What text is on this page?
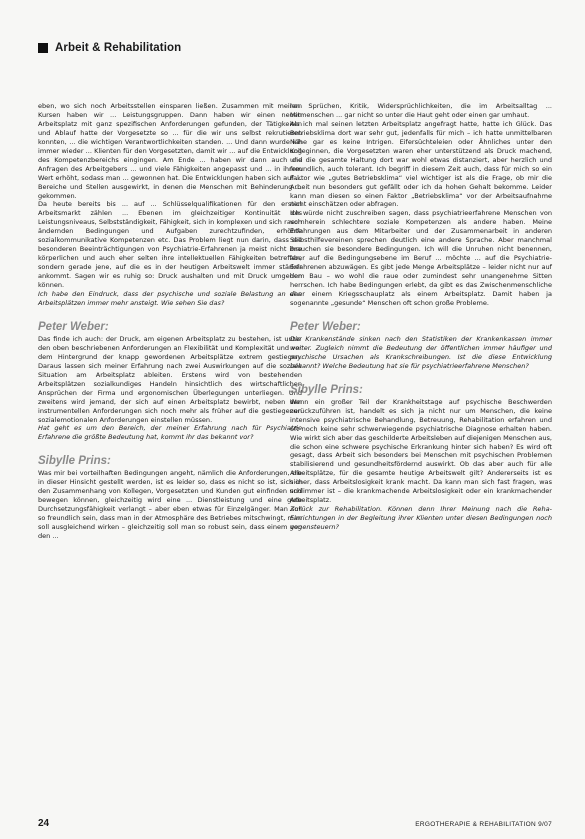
Arbeit & Rehabilitation

eben, wo sich noch Arbeitsstellen einsparen ließen. Zusammen mit meinen Kursen haben wir ... Leistungsgruppen. Dann haben wir einen neuen Arbeitsplatz mit ganz spezifischen Anforderungen gefunden, der Tätigkeiten und Ablauf hatte der Vorgesetzte so ... für die wir uns selbst rekrutieren konnten, ... die wichtigen Verantwortlichkeiten standen. ... Und dann wurde ich immer wieder ... Klienten für den Vorgesetzten, damit wir ... auf die Entwicklung des Kompetenzbereichs eingingen. Am Ende ... haben wir dann auch die Anfragen des Arbeitgebers ... und viele Fähigkeiten angepasst und ... in ihrem Wert erhöht, sodass man ... gewonnen hat. Die Entwicklungen haben sich auf ... Bereiche und Stellen ausgewirkt, in denen die Menschen mit Behinderung ... gekommen.

Da heute bereits bis ... auf ... Schlüsselqualifikationen für den ersten Arbeitsmarkt zählen ... Ebenen im gleichzeitiger Kontinuität des Leistungsniveaus, Selbstständigkeit, Fähigkeit, sich in komplexen und sich rasch ändernden Bedingungen und Aufgaben zurechtzufinden, erhöhte sozialkommunikative Kompetenzen etc. Das Problem liegt nun darin, dass die besonderen Beeinträchtigungen von Psychiatrie-Erfahrenen ja meist nicht ihre körperlichen und auch eher selten ihre intellektuellen Fähigkeiten betreffen, sondern gerade jene, auf die es in der heutigen Arbeitswelt immer stärker ankommt. Sagen wir es ruhig so: Druck aushalten und mit Druck umgehen können.

Ich habe den Eindruck, dass der psychische und soziale Belastung an den Arbeitsplätzen immer mehr ansteigt. Wie sehen Sie das?

Peter Weber:

Das finde ich auch: der Druck, am eigenen Arbeitsplatz zu bestehen, ist unter den oben beschriebenen Anforderungen an Flexibilität und Komplexität und vor dem Hintergrund der knapp gewordenen Arbeitsplätze extrem gestiegen. Daraus lassen sich meiner Erfahrung nach zwei Auswirkungen auf die soziale Situation am Arbeitsplatz ableiten. Erstens wird von bestehenden Arbeitsplätzen sozialkundiges Handeln hinsichtlich des wirtschaftlichen Ansprüchen der Firma und ergonomischen Überlegungen unterliegen. Und zweitens wird jemand, der sich auf einen Arbeitsplatz bewirbt, neben den instrumentellen Anforderungen sich noch mehr als früher auf die gestiegenen sozialemotionalen Anforderungen einstellen müssen.

Hat geht es um den Bereich, der meiner Erfahrung nach für Psychiatrie Erfahrene die größte Bedeutung hat, kommt ihr das bekannt vor?

Sibylle Prins:

Was mir bei vorteilhaften Bedingungen angeht, nämlich die Anforderungen, die in dieser Hinsicht gestellt werden, ist es leider so, dass es nicht so ist, sich in den Zusammenhang von Kollegen, Vorgesetzten und Kunden gut einfinden und bewegen können, gleichzeitig wird eine ... Dienstleistung und eine gute Durchsetzungsfähigkeit verlangt – aber eben etwas für Einzelgänger. Man soll so freundlich sein, dass man in der Atmosphäre des Betriebes mitschwingt, man soll ausgleichend wirken – gleichzeitig soll man so robust sein, dass einem von den ...

len Sprüchen, Kritik, Widersprüchlichkeiten, die im Arbeitsalltag ... Mitmenschen ... gar nicht so unter die Haut geht oder einen gar umhaut.

Als ich mal seinen letzten Arbeitsplatz angefragt hatte, hatte ich Glück. Das Betriebsklima dort war sehr gut, jedenfalls für mich – ich hatte unmittelbaren Nähe gar es keine Intrigen. Eifersüchteleien oder Ähnliches unter den Kolleginnen, die Vorgesetzten waren eher unterstützend als Druck machend, und die gesamte Haltung dort war wohl etwas distanziert, aber herzlich und freundlich, auch tolerant. Ich begriff in diesem Zeit auch, dass für mich so ein Faktor wie „gutes Betriebsklima“ viel wichtiger ist als die Frage, ob mir die Arbeit nun besonders gut gefällt oder ich da hohen Gehalt bekomme. Leider kann man diesen so einen Faktor „Betriebsklima“ vor der Arbeitsaufnahme nicht einschätzen oder abfragen.

Ich würde nicht zuschreiben sagen, dass psychiatrieerfahrene Menschen von vornherein schlechtere soziale Kompetenzen als andere haben. Meine Erfahrungen aus dem Mitarbeiter und der Zusammenarbeit in anderen Selbsthilfevereinen sprechen deutlich eine andere Sprache. Aber manchmal brauchen sie besondere Bedingungen. Ich will die Unruhen nicht benennen, aber auf die Bedingungsebene im Beruf ... möchte ... auf die Psychiatrie-Erfahrenen abzuwägen. Es gibt jede Menge Arbeitsplätze – leider nicht nur auf dem Bau – wo wohl die raue oder zumindest sehr unangenehme Sitten herrschen. Ich habe Bedingungen erlebt, da gibt es das Zwischenmenschliche eher einem Kriegsschauplatz als einem Arbeitsplatz. Damit haben ja sogenannte „gesunde“ Menschen oft schon große Probleme.

Peter Weber:

Die Krankenstände sinken nach den Statistiken der Krankenkassen immer weiter. Zugleich nimmt die Bedeutung der öffentlichen immer häufiger und psychische Ursachen als Krankschreibungen. Ist die diese Entwicklung bekannt? Welche Bedeutung hat sie für psychiatrieerfahrene Menschen?

Sibylle Prins:

Wenn ein großer Teil der Krankheitstage auf psychische Beschwerden zurückzuführen ist, handelt es sich ja nicht nur um Menschen, die keine intensive psychiatrische Behandlung, Betreuung, Rehabilitation erfahren und oft noch keine sehr schwerwiegende psychiatrische Diagnose erhalten haben. Wie wirkt sich aber das geschilderte Arbeitsleben auf diejenigen Menschen aus, die schon eine schwere psychische Erkrankung hinter sich haben? Es wird oft gesagt, dass Arbeit sich besonders bei Menschen mit psychischen Problemen stabilisierend und gesundheitsfördernd auswirkt. Ob das aber auch für alle Arbeitsplätze, für die gesamte heutige Arbeitswelt gilt? Andererseits ist es sicher, dass Arbeitslosigkeit krank macht. Da kann man sich fast fragen, was schlimmer ist – die krankmachende Arbeitslosigkeit oder ein krankmachender Arbeitsplatz.

Zurück zur Rehabilitation. Können denn Ihrer Meinung nach die Reha-Einrichtungen in der Begleitung ihrer Klienten unter diesen Bedingungen noch gegensteuern?

24	ERGOTHERAPIE & REHABILITATION 9/07
